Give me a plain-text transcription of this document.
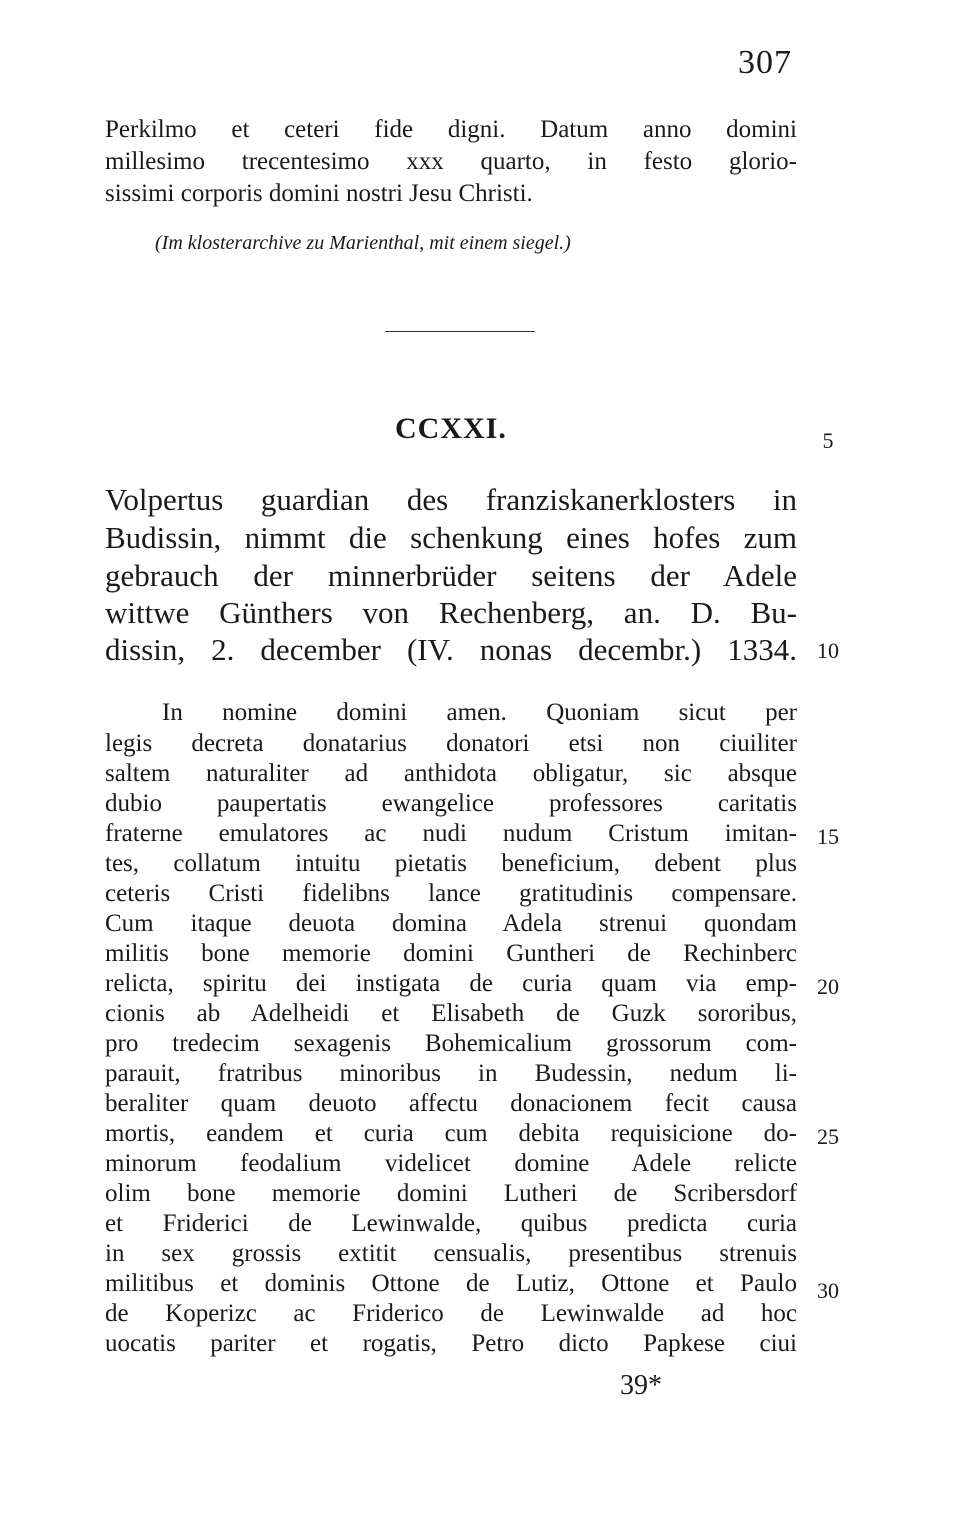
307
Perkilmo et ceteri fide digni. Datum anno domini
millesimo trecentesimo xxx quarto, in festo glorio-
sissimi corporis domini nostri Jesu Christi.
(Im klosterarchive zu Marienthal, mit einem siegel.)
CCXXI.	5
Volpertus guardian des franziskanerklosters in
Budissin, nimmt die schenkung eines hofes zum
gebrauch der minnerbrüder seitens der Adele
wittwe Günthers von Rechenberg, an. D. Bu-
dissin, 2. december (IV. nonas decembr.) 1334. 10
In nomine domini amen. Quoniam sicut per
legis decreta donatarius donatori etsi non ciuiliter
saltem naturaliter ad anthidota obligatur, sic absque
dubio paupertatis ewangelice professores caritatis
fraterne emulatores ac nudi nudum Cristum imitan- 15
tes, collatum intuitu pietatis beneficium, debent plus
ceteris Cristi fidelibns lance gratitudinis compensare.
Cum itaque deuota domina Adela strenui quondam
militis bone memorie domini Guntheri de Rechinberc
relicta, spiritu dei instigata de curia quam via emp- 20
cionis ab Adelheidi et Elisabeth de Guzk sororibus,
pro tredecim sexagenis Bohemicalium grossorum com-
parauit, fratribus minoribus in Budessin, nedum li-
beraliter quam deuoto affectu donacionem fecit causa
mortis, eandem et curia cum debita requisicione do- 25
minorum feodalium videlicet domine Adele relicte
olim bone memorie domini Lutheri de Scribersdorf
et Friderici de Lewinwalde, quibus predicta curia
in sex grossis extitit censualis, presentibus strenuis
militibus et dominis Ottone de Lutiz, Ottone et Paulo 30
de Koperizc ac Friderico de Lewinwalde ad hoc
uocatis pariter et rogatis, Petro dicto Papkese ciui
39*
